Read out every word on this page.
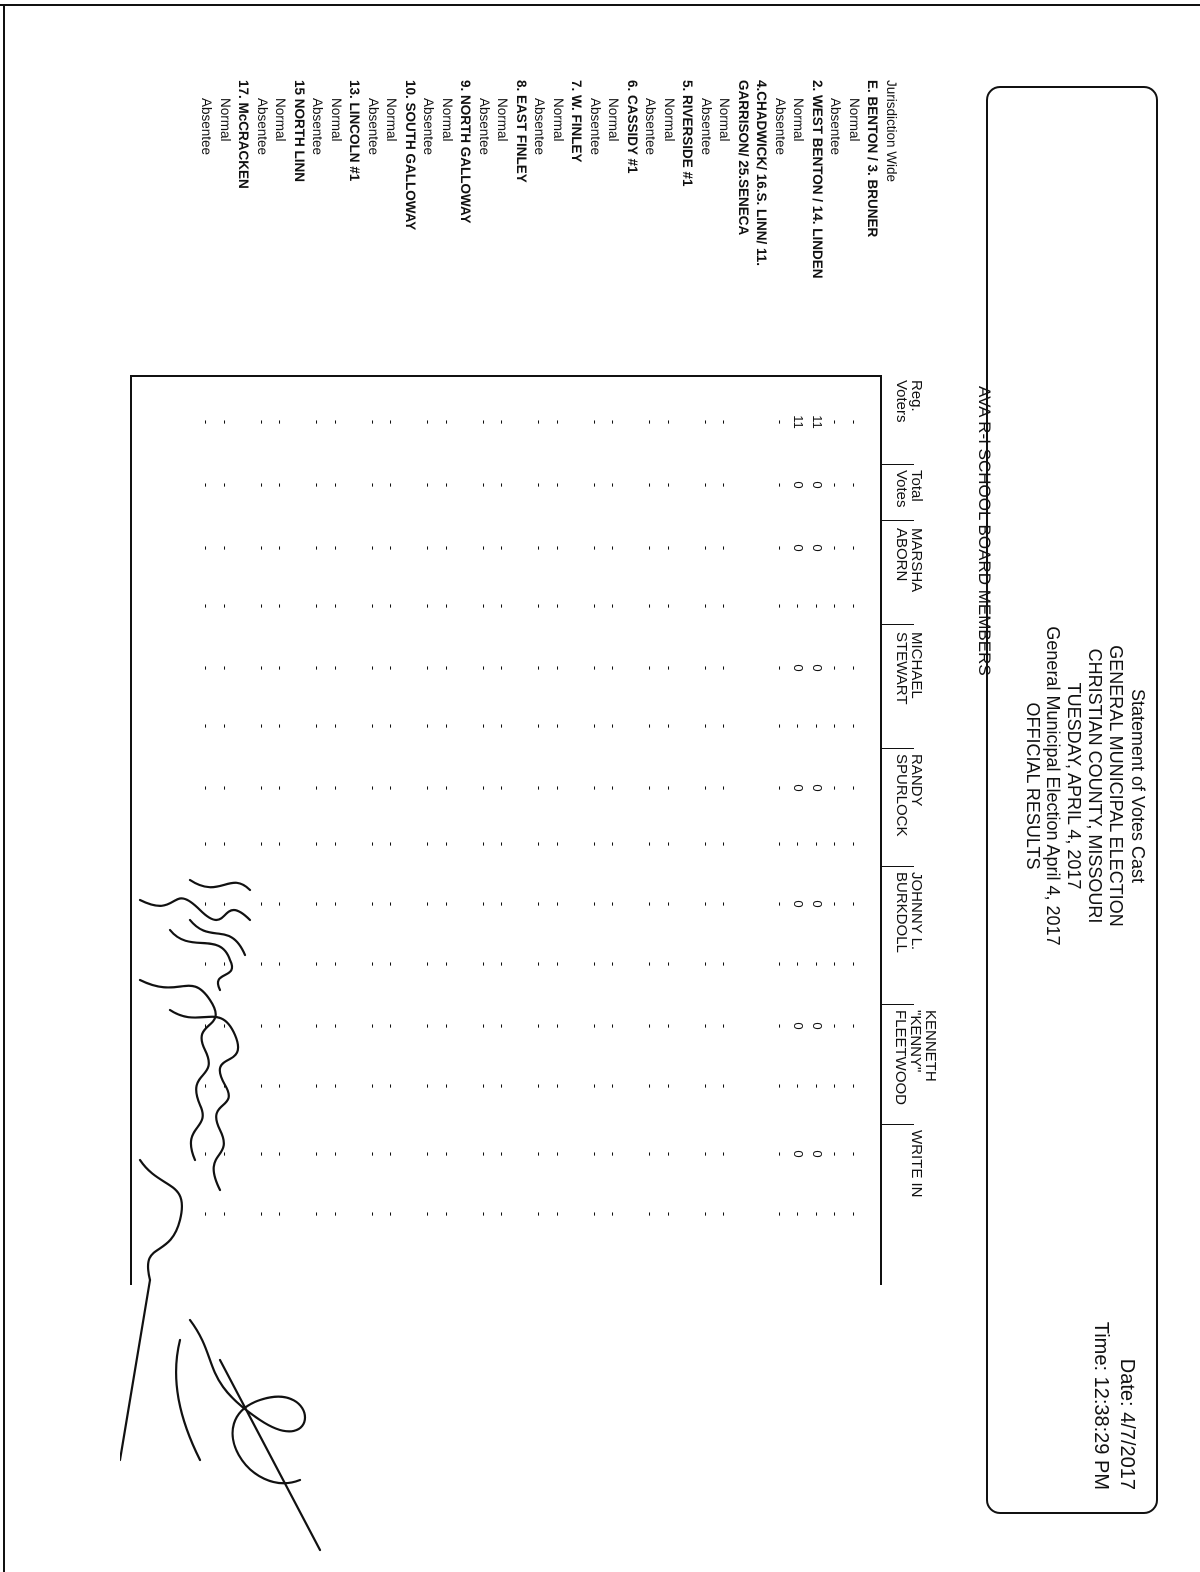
Statement of Votes Cast

GENERAL MUNICIPAL ELECTION

CHRISTIAN COUNTY, MISSOURI

TUESDAY, APRIL 4, 2017

General Municipal Election April 4, 2017

OFFICIAL RESULTS

Date: 4/7/2017
Time: 12:38:29 PM
AVA R-I SCHOOL BOARD MEMBERS
Jurisdiction Wide
E. BENTON / 3. BRUNER
Normal
Absentee
2. WEST BENTON / 14. LINDEN
Normal
Absentee
4.CHADWICK/ 16.S. LINN/ 11.
GARRISON/ 25.SENECA
Normal
Absentee
5. RIVERSIDE #1
Normal
Absentee
6. CASSIDY #1
Normal
Absentee
7. W. FINLEY
Normal
Absentee
8. EAST FINLEY
Normal
Absentee
9. NORTH GALLOWAY
Normal
Absentee
10. SOUTH GALLOWAY
Normal
Absentee
13. LINCOLN #1
Normal
Absentee
15 NORTH LINN
Normal
Absentee
17. McCRACKEN
Normal
Absentee
Reg.
Voters
Total
Votes
MARSHA
ABORN
MICHAEL
STEWART
RANDY
SPURLOCK
JOHNNY L.
BURKDOLL
KENNETH
"KENNY"
FLEETWOOD
WRITE IN
-
-
-
-
-
-
-
-
-
-
-
-
-
-
-
-
-
-
-
-
-
-
-
-
-
-
-
-
11
0
0
-
0
-
0
-
0
-
0
-
0
-
11
0
0
-
0
-
0
-
0
-
0
-
0
-
-
-
-
-
-
-
-
-
-
-
-
-
-
-
-
-
-
-
-
-
-
-
-
-
-
-
-
-
-
-
-
-
-
-
-
-
-
-
-
-
-
-
-
-
-
-
-
-
-
-
-
-
-
-
-
-
-
-
-
-
-
-
-
-
-
-
-
-
-
-
-
-
-
-
-
-
-
-
-
-
-
-
-
-
-
-
-
-
-
-
-
-
-
-
-
-
-
-
-
-
-
-
-
-
-
-
-
-
-
-
-
-
-
-
-
-
-
-
-
-
-
-
-
-
-
-
-
-
-
-
-
-
-
-
-
-
-
-
-
-
-
-
-
-
-
-
-
-
-
-
-
-
-
-
-
-
-
-
-
-
-
-
-
-
-
-
-
-
-
-
-
-
-
-
-
-
-
-
-
-
-
-
-
-
-
-
-
-
-
-
-
-
-
-
-
-
-
-
-
-
-
-
-
-
-
-
-
-
-
-
-
-
-
-
-
-
-
-
-
-
-
-
-
-
-
-
-
-
-
-
-
-
-
-
-
-
-
-
-
-
-
-
-
-
-
-
-
-
-
-
-
-
-
-
-
-
-
-
-
-
-
-
-
-
-
-
-
-
-
-
-
-
-
-
-
-
-
-
-
-
-
-
-
-
-
-
-
-
-
-
-
-
-
-
